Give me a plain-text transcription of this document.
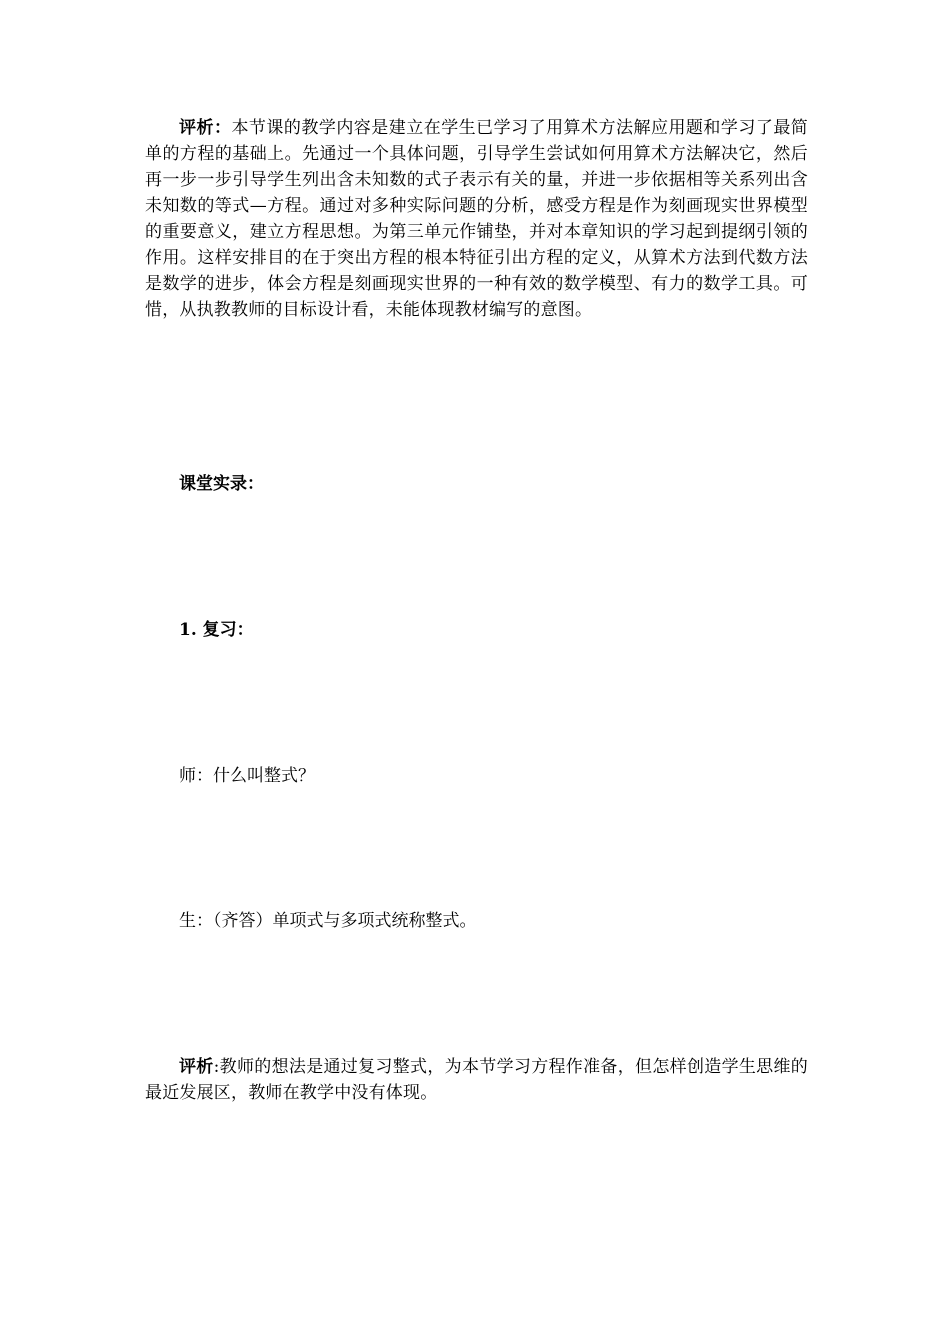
评析：本节课的教学内容是建立在学生已学习了用算术方法解应用题和学习了最简单的方程的基础上。先通过一个具体问题，引导学生尝试如何用算术方法解决它，然后再一步一步引导学生列出含未知数的式子表示有关的量，并进一步依据相等关系列出含未知数的等式—方程。通过对多种实际问题的分析，感受方程是作为刻画现实世界模型的重要意义，建立方程思想。为第三单元作铺垫，并对本章知识的学习起到提纲引领的作用。这样安排目的在于突出方程的根本特征引出方程的定义，从算术方法到代数方法是数学的进步，体会方程是刻画现实世界的一种有效的数学模型、有力的数学工具。可惜，从执教教师的目标设计看，未能体现教材编写的意图。

课堂实录：
1. 复习：
师：什么叫整式？
生：（齐答）单项式与多项式统称整式。

评析:教师的想法是通过复习整式，为本节学习方程作准备，但怎样创造学生思维的最近发展区，教师在教学中没有体现。
